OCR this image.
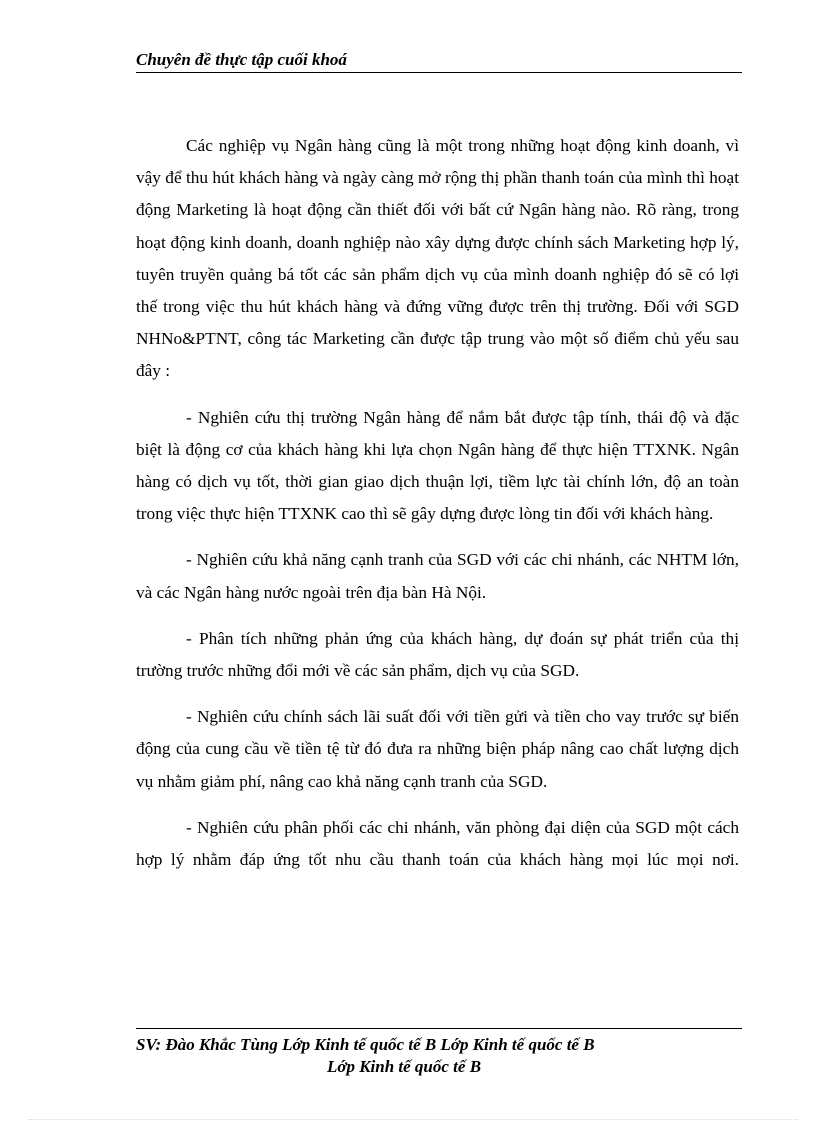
Chuyên đề thực tập cuối khoá

Các nghiệp vụ Ngân hàng cũng là một trong những hoạt động kinh doanh, vì vậy để thu hút khách hàng và ngày càng mở rộng thị phần thanh toán của mình thì hoạt động Marketing là hoạt động cần thiết đối với bất cứ Ngân hàng nào. Rõ ràng, trong hoạt động kinh doanh, doanh nghiệp nào xây dựng được chính sách Marketing hợp lý, tuyên truyền quảng bá tốt các sản phẩm dịch vụ của mình doanh nghiệp đó sẽ có lợi thế trong việc thu hút khách hàng và đứng vững được trên thị trường. Đối với SGD NHNo&PTNT, công tác Marketing cần được tập trung vào một số điểm chủ yếu sau đây :

- Nghiên cứu thị trường Ngân hàng để nắm bắt được tập tính, thái độ và đặc biệt là động cơ của khách hàng khi lựa chọn Ngân hàng để thực hiện TTXNK. Ngân hàng có dịch vụ tốt, thời gian giao dịch thuận lợi, tiềm lực tài chính lớn, độ an toàn trong việc thực hiện TTXNK cao thì sẽ gây dựng được lòng tin đối với khách hàng.

- Nghiên cứu khả năng cạnh tranh của SGD với các chi nhánh, các NHTM lớn, và các Ngân hàng nước ngoài trên địa bàn Hà Nội.

- Phân tích những phản ứng của khách hàng, dự đoán sự phát triển của thị trường trước những đổi mới về các sản phẩm, dịch vụ của SGD.

- Nghiên cứu chính sách lãi suất đối với tiền gửi và tiền cho vay trước sự biến động của cung cầu về tiền tệ từ đó đưa ra những biện pháp nâng cao chất lượng dịch vụ nhằm giảm phí, nâng cao khả năng cạnh tranh của SGD.

- Nghiên cứu phân phối các chi nhánh, văn phòng đại diện của SGD một cách hợp lý nhằm đáp ứng tốt nhu cầu thanh toán của khách hàng mọi lúc mọi nơi.

SV: Đào Khắc Tùng Lớp Kinh tế quốc tế B Lớp Kinh tế quốc tế B

Lớp Kinh tế quốc tế B
